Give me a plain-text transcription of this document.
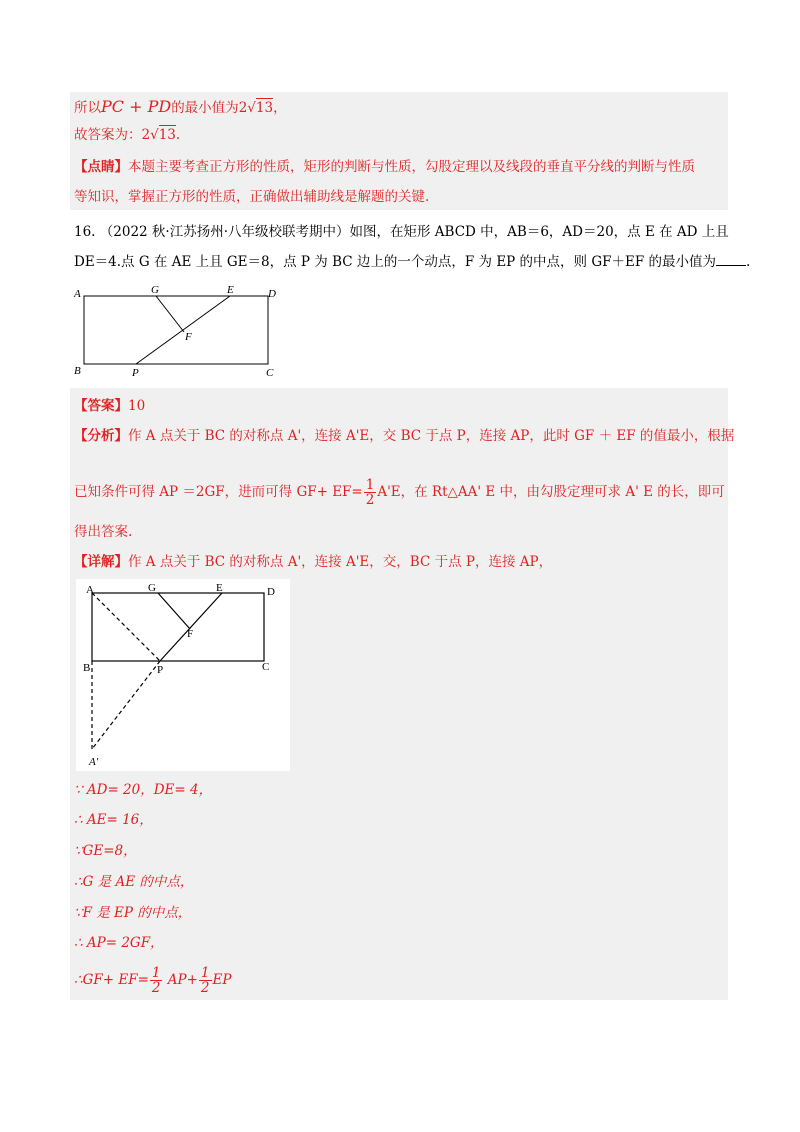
所以PC + PD的最小值为2√13，
故答案为：2√13.
【点睛】本题主要考查正方形的性质，矩形的判断与性质，勾股定理以及线段的垂直平分线的判断与性质
等知识，掌握正方形的性质，正确做出辅助线是解题的关键.
16. （2022 秋·江苏扬州·八年级校联考期中）如图，在矩形 ABCD 中，AB＝6，AD＝20，点 E 在 AD 上且
DE＝4.点 G 在 AE 上且 GE＝8，点 P 为 BC 边上的一个动点，F 为 EP 的中点，则 GF＋EF 的最小值为 .
A	G	E	D
F
B	P	C
【答案】10
【分析】作 A 点关于 BC 的对称点 A'，连接 A'E，交 BC 于点 P，连接 AP，此时 GF ＋ EF 的值最小，根据
已知条件可得 AP ＝2GF，进而可得 $GF+ EF= \frac{1}{2} A'E$，在 Rt△AA' E 中，由勾股定理可求 A' E 的长，即可
得出答案.
【详解】作 A 点关于 BC 的对称点 A'，连接 A'E，交，BC 于点 P，连接 AP，
A	G	E	D
F
B	P	C
A'
∵ AD= 20，DE= 4，
∴ AE= 16，
∵GE=8，
∴G 是 AE 的中点，
∵F 是 EP 的中点，
∴ AP= 2GF，
∴GF+ $EF= \frac{1}{2} AP+ \frac{1}{2}$ EP
